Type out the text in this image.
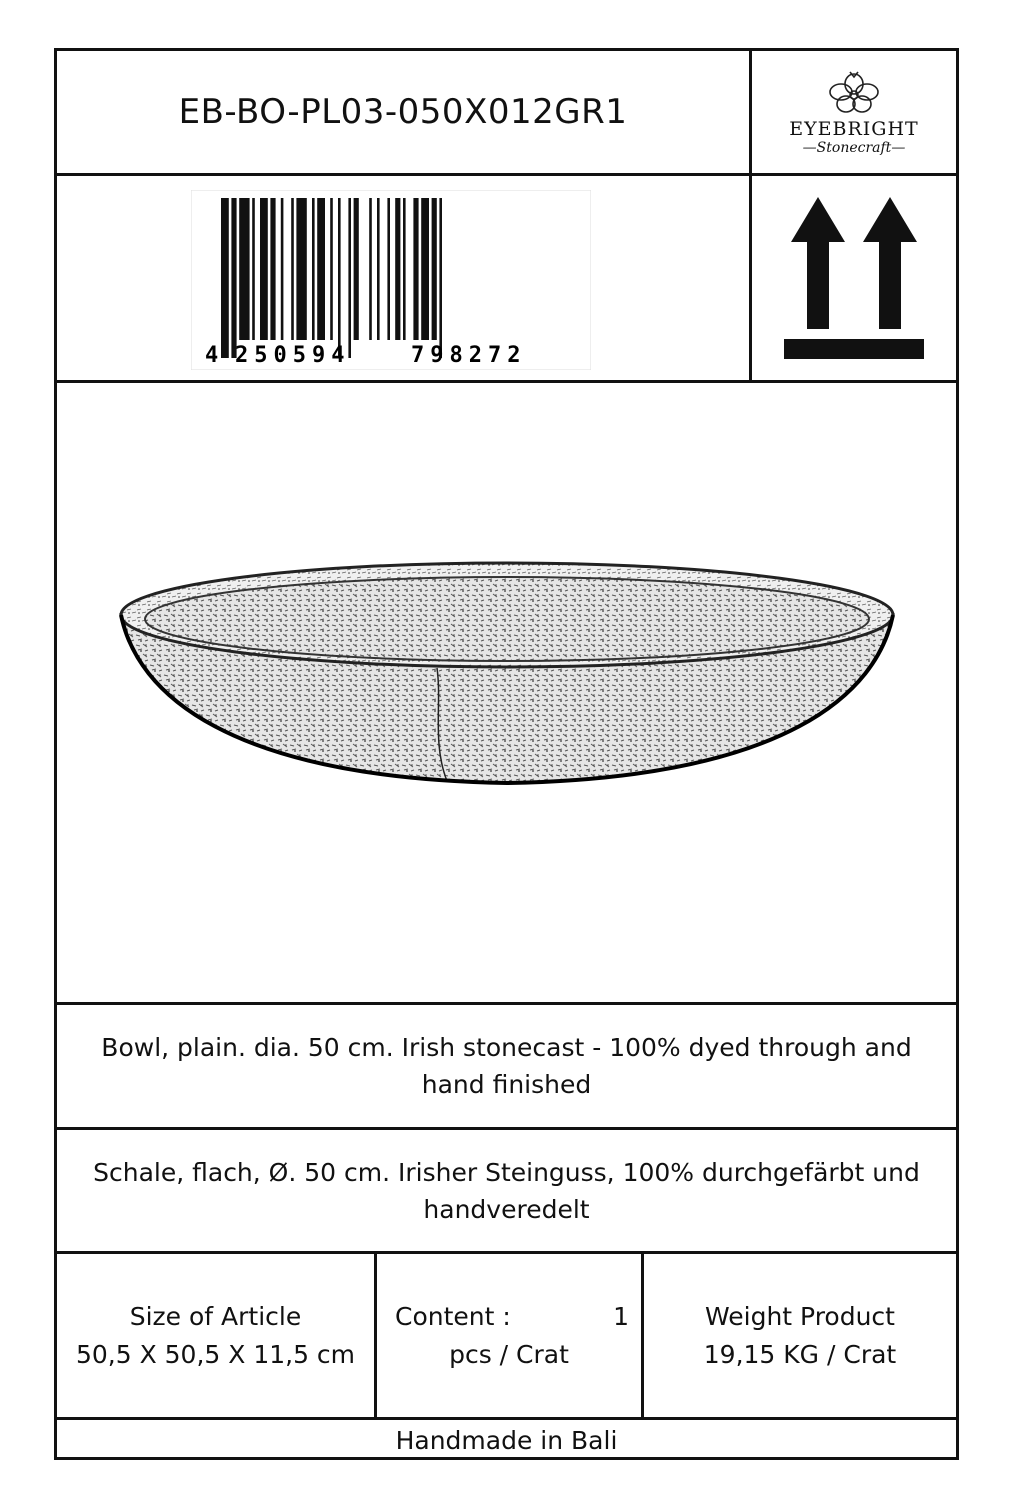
EB-BO-PL03-050X012GR1	EYEBRIGHT
—Stonecraft—
4 250594	798272
Bowl, plain. dia. 50 cm. Irish stonecast - 100% dyed through and hand finished
Schale, flach, Ø. 50 cm. Irisher Steinguss, 100% durchgefärbt und handveredelt
Size of Article
50,5 X 50,5 X 11,5 cm
Content :	1
pcs / Crat
Weight Product
19,15 KG / Crat
Handmade in Bali
